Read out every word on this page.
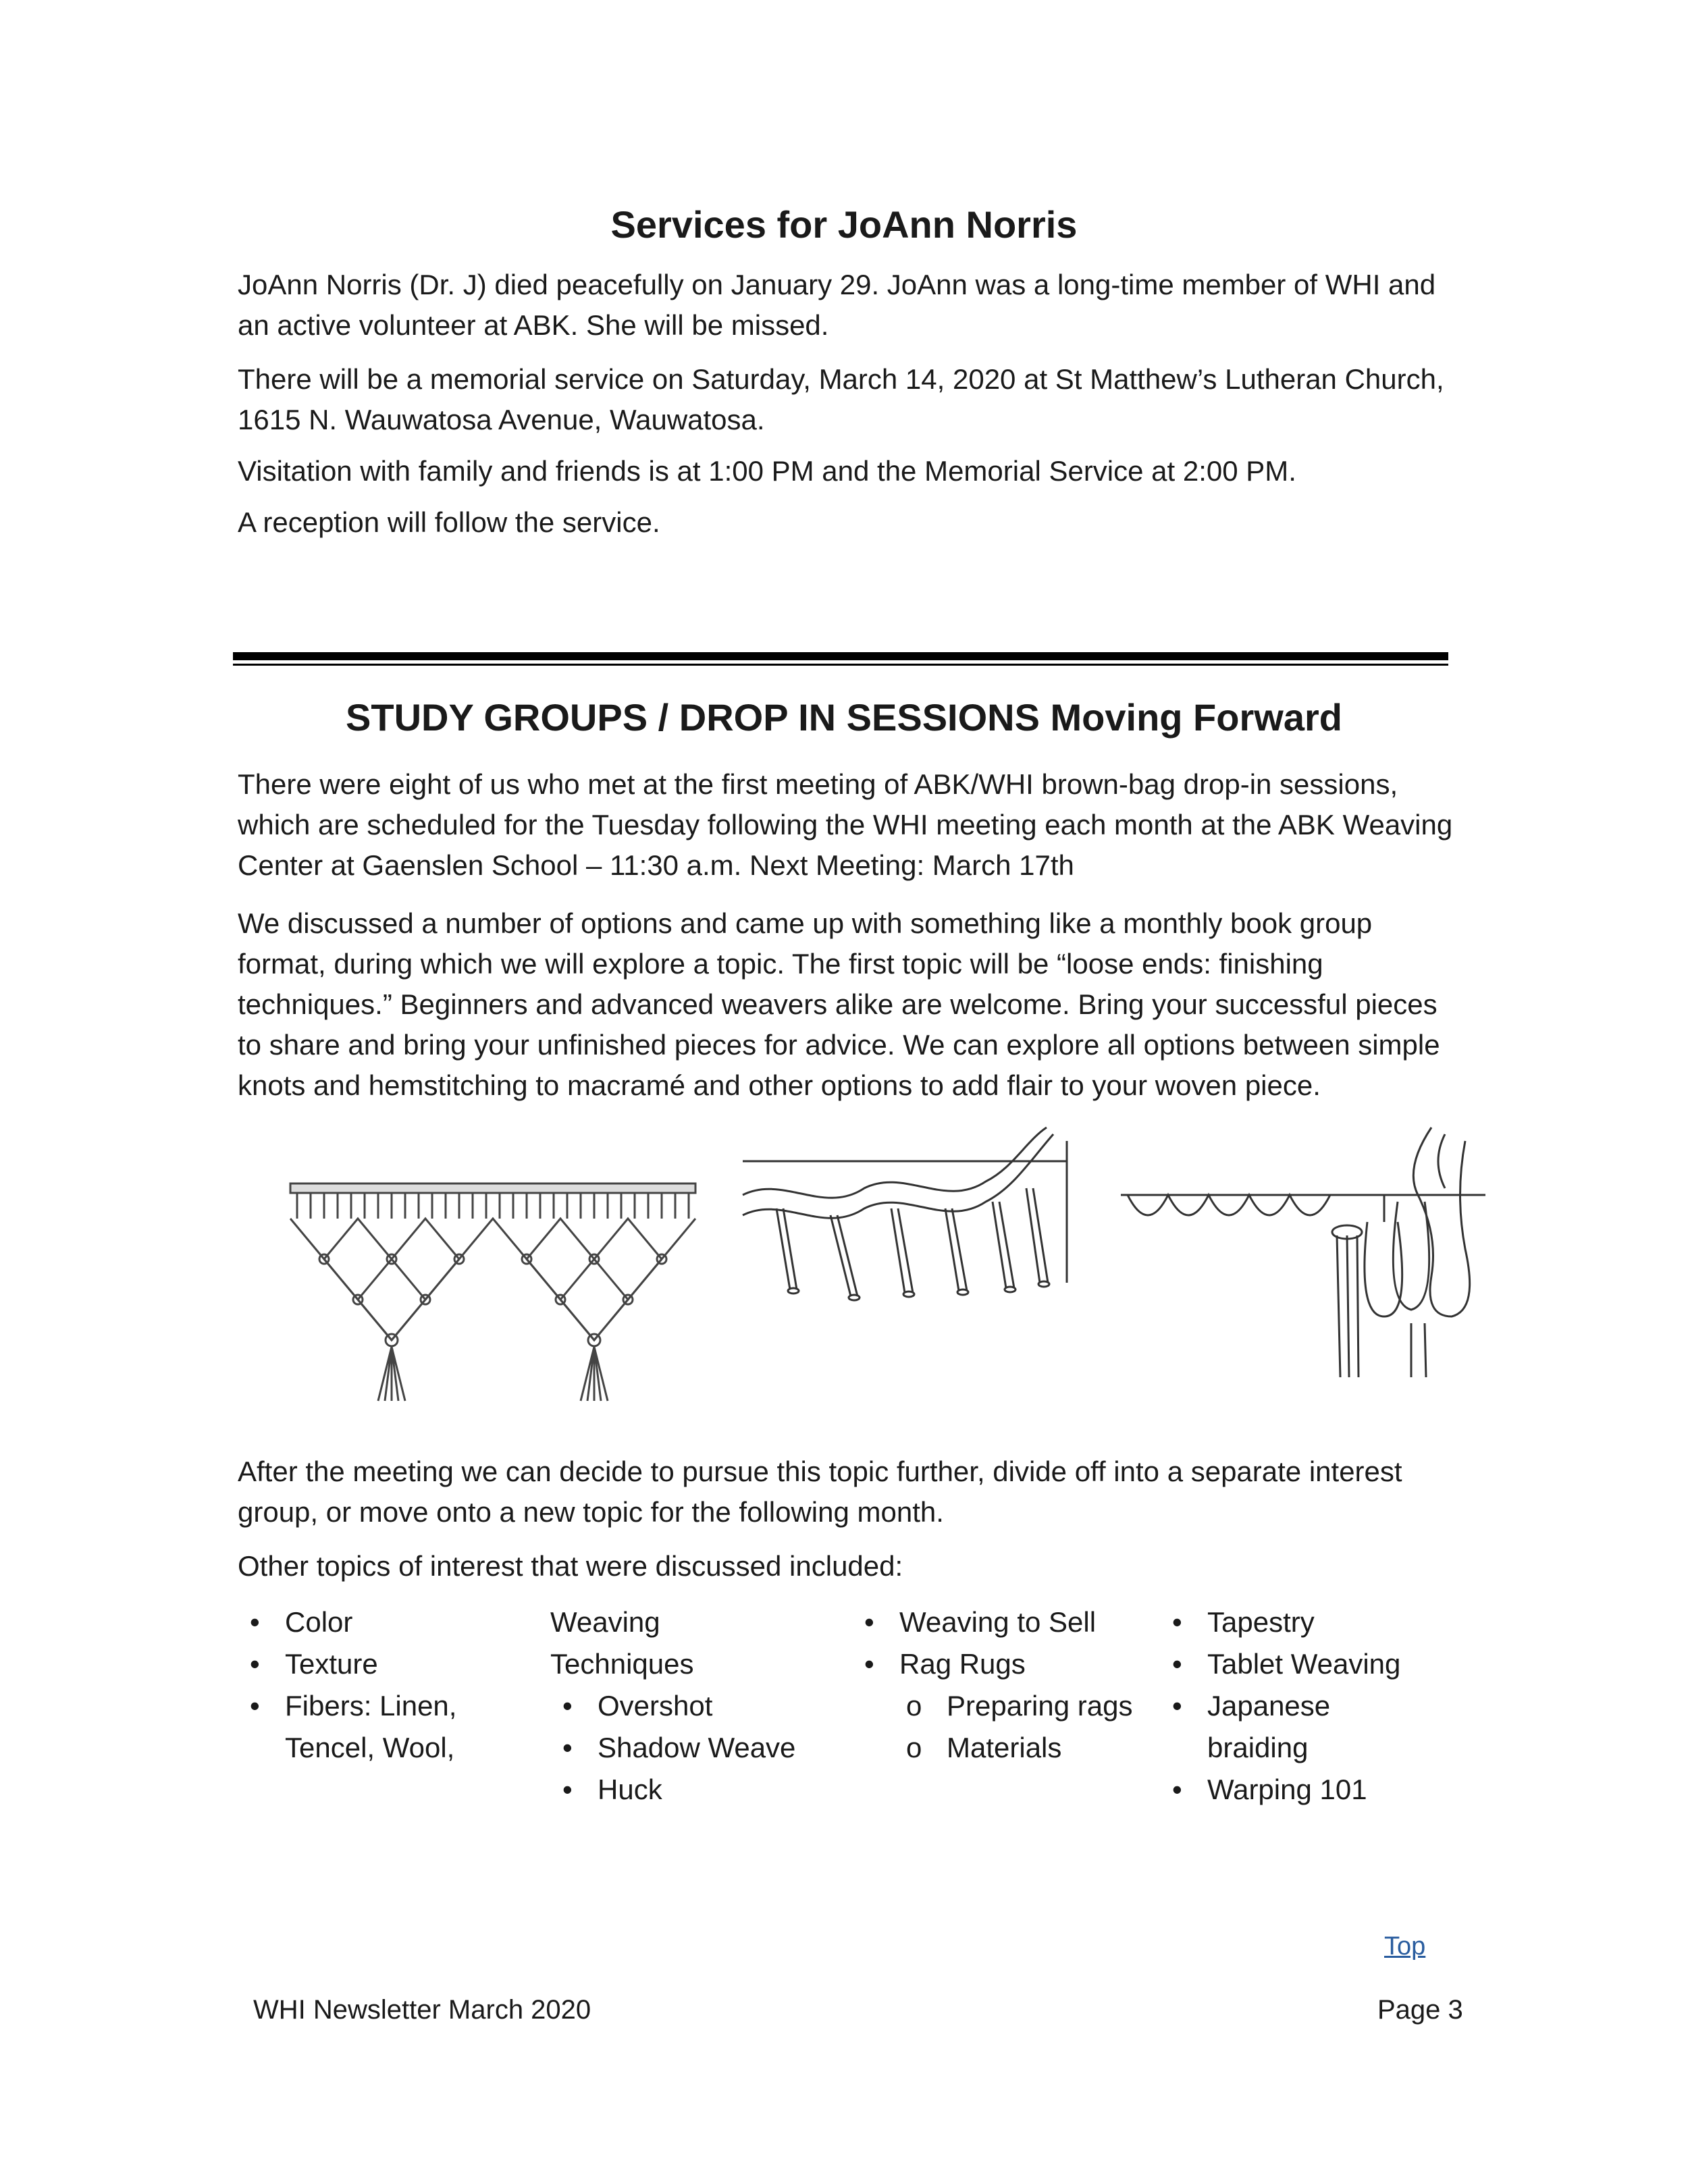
Services for JoAnn Norris

JoAnn Norris (Dr. J) died peacefully on January 29. JoAnn was a long-time member of WHI and an active volunteer at ABK. She will be missed.

There will be a memorial service on Saturday, March 14, 2020 at St Matthew’s Lutheran Church, 1615 N. Wauwatosa Avenue, Wauwatosa.

Visitation with family and friends is at 1:00 PM and the Memorial Service at 2:00 PM.

A reception will follow the service.

STUDY GROUPS / DROP IN SESSIONS Moving Forward

There were eight of us who met at the first meeting of ABK/WHI brown-bag drop-in sessions, which are scheduled for the Tuesday following the WHI meeting each month at the ABK Weaving Center at Gaenslen School – 11:30 a.m. Next Meeting: March 17th

We discussed a number of options and came up with something like a monthly book group format, during which we will explore a topic. The first topic will be “loose ends: finishing techniques.” Beginners and advanced weavers alike are welcome. Bring your successful pieces to share and bring your unfinished pieces for advice. We can explore all options between simple knots and hemstitching to macramé and other options to add flair to your woven piece.

After the meeting we can decide to pursue this topic further, divide off into a separate interest group, or move onto a new topic for the following month.

Other topics of interest that were discussed included:

• Color
• Texture
• Fibers: Linen, Tencel, Wool,
Weaving Techniques
• Overshot
• Shadow Weave
• Huck
• Weaving to Sell
• Rag Rugs
o Preparing rags
o Materials
• Tapestry
• Tablet Weaving
• Japanese braiding
• Warping 101
Top
WHI Newsletter March 2020	Page 3
